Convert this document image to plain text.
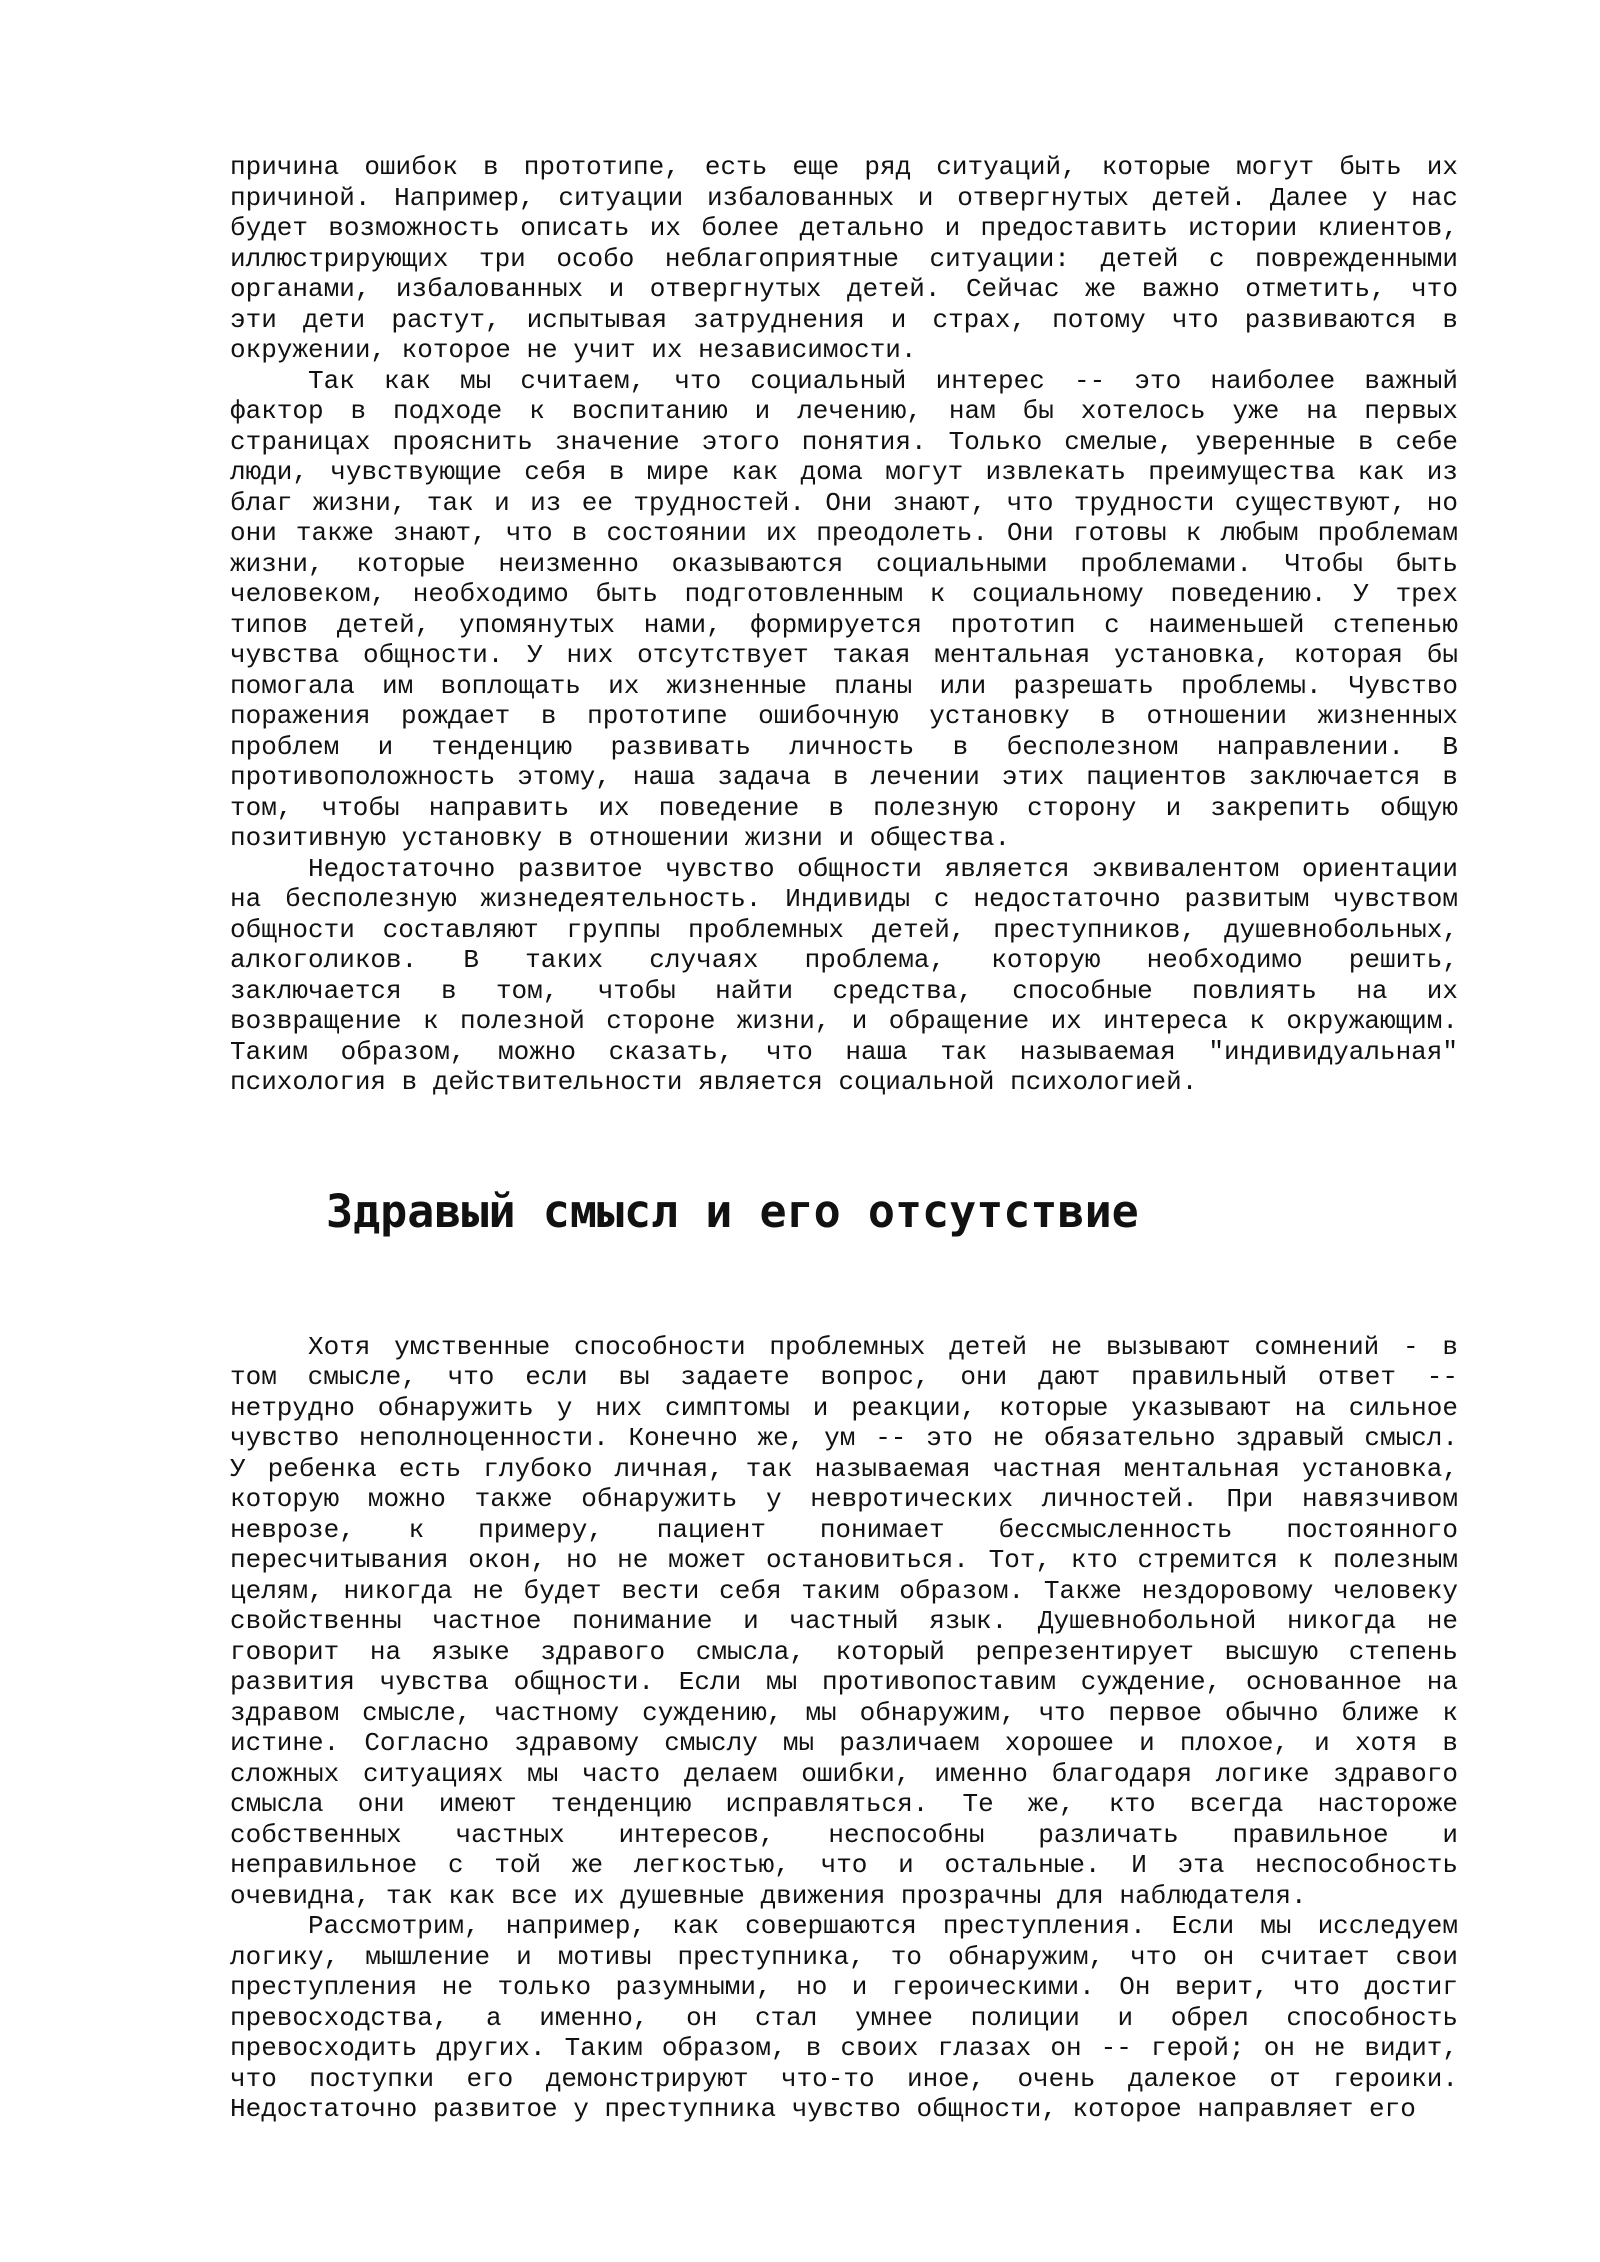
причина ошибок в прототипе, есть еще ряд ситуаций, которые могут быть их
причиной. Например, ситуации избалованных и отвергнутых детей. Далее у нас
будет возможность описать их более детально и предоставить истории клиентов,
иллюстрирующих три особо неблагоприятные ситуации: детей с поврежденными
органами, избалованных и отвергнутых детей. Сейчас же важно отметить, что
эти дети растут, испытывая затруднения и страх, потому что развиваются в
окружении, которое не учит их независимости.
Так как мы считаем, что социальный интерес -- это наиболее важный
фактор в подходе к воспитанию и лечению, нам бы хотелось уже на первых
страницах прояснить значение этого понятия. Только смелые, уверенные в себе
люди, чувствующие себя в мире как дома могут извлекать преимущества как из
благ жизни, так и из ее трудностей. Они знают, что трудности существуют, но
они также знают, что в состоянии их преодолеть. Они готовы к любым проблемам
жизни, которые неизменно оказываются социальными проблемами. Чтобы быть
человеком, необходимо быть подготовленным к социальному поведению. У трех
типов детей, упомянутых нами, формируется прототип с наименьшей степенью
чувства общности. У них отсутствует такая ментальная установка, которая бы
помогала им воплощать их жизненные планы или разрешать проблемы. Чувство
поражения рождает в прототипе ошибочную установку в отношении жизненных
проблем и тенденцию развивать личность в бесполезном направлении. В
противоположность этому, наша задача в лечении этих пациентов заключается в
том, чтобы направить их поведение в полезную сторону и закрепить общую
позитивную установку в отношении жизни и общества.
Недостаточно развитое чувство общности является эквивалентом ориентации
на бесполезную жизнедеятельность. Индивиды с недостаточно развитым чувством
общности составляют группы проблемных детей, преступников, душевнобольных,
алкоголиков. В таких случаях проблема, которую необходимо решить,
заключается в том, чтобы найти средства, способные повлиять на их
возвращение к полезной стороне жизни, и обращение их интереса к окружающим.
Таким образом, можно сказать, что наша так называемая "индивидуальная"
психология в действительности является социальной психологией.
Здравый смысл и его отсутствие
Хотя умственные способности проблемных детей не вызывают сомнений - в
том смысле, что если вы задаете вопрос, они дают правильный ответ --
нетрудно обнаружить у них симптомы и реакции, которые указывают на сильное
чувство неполноценности. Конечно же, ум -- это не обязательно здравый смысл.
У ребенка есть глубоко личная, так называемая частная ментальная установка,
которую можно также обнаружить у невротических личностей. При навязчивом
неврозе, к примеру, пациент понимает бессмысленность постоянного
пересчитывания окон, но не может остановиться. Тот, кто стремится к полезным
целям, никогда не будет вести себя таким образом. Также нездоровому человеку
свойственны частное понимание и частный язык. Душевнобольной никогда не
говорит на языке здравого смысла, который репрезентирует высшую степень
развития чувства общности. Если мы противопоставим суждение, основанное на
здравом смысле, частному суждению, мы обнаружим, что первое обычно ближе к
истине. Согласно здравому смыслу мы различаем хорошее и плохое, и хотя в
сложных ситуациях мы часто делаем ошибки, именно благодаря логике здравого
смысла они имеют тенденцию исправляться. Те же, кто всегда настороже
собственных частных интересов, неспособны различать правильное и
неправильное с той же легкостью, что и остальные. И эта неспособность
очевидна, так как все их душевные движения прозрачны для наблюдателя.
Рассмотрим, например, как совершаются преступления. Если мы исследуем
логику, мышление и мотивы преступника, то обнаружим, что он считает свои
преступления не только разумными, но и героическими. Он верит, что достиг
превосходства, а именно, он стал умнее полиции и обрел способность
превосходить других. Таким образом, в своих глазах он -- герой; он не видит,
что поступки его демонстрируют что-то иное, очень далекое от героики.
Недостаточно развитое у преступника чувство общности, которое направляет его
